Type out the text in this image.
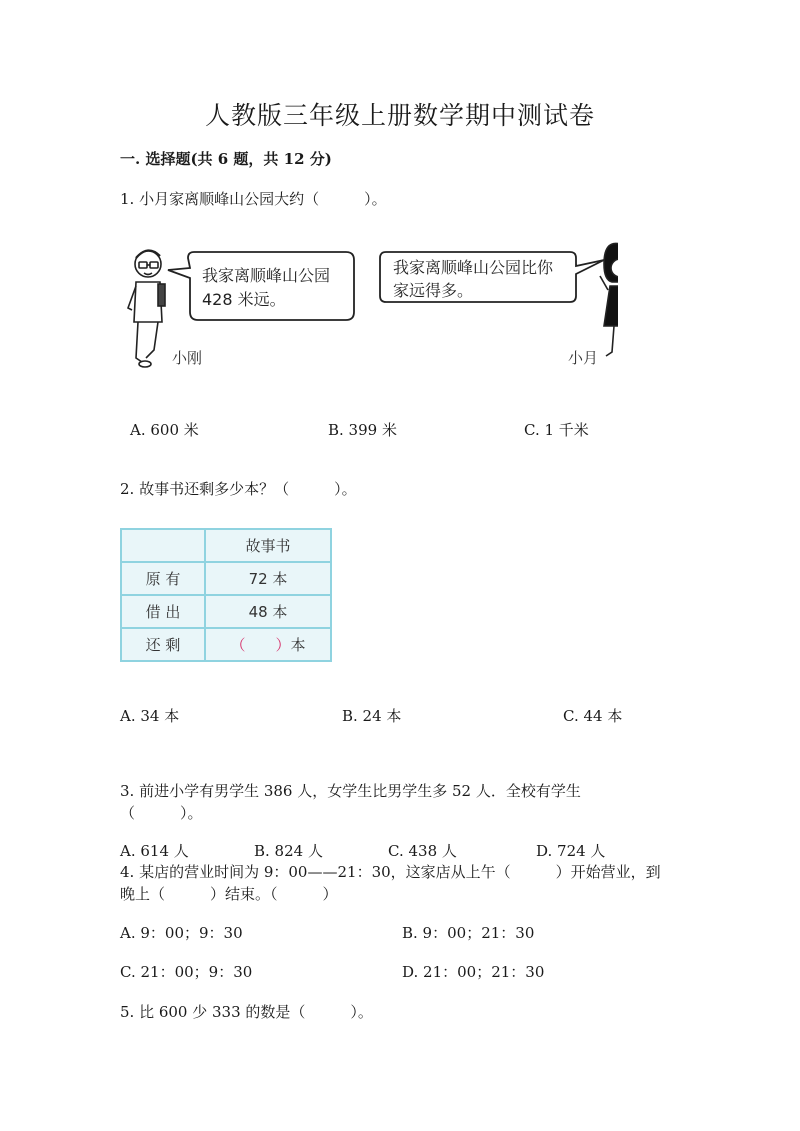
人教版三年级上册数学期中测试卷
一. 选择题(共 6 题，共 12 分)
1. 小月家离顺峰山公园大约（　　　）。
我家离顺峰山公园
428 米远。
我家离顺峰山公园比你
家远得多。
小刚	小月
A. 600 米	B. 399 米	C. 1 千米
2. 故事书还剩多少本？（　　　）。
	故事书
原 有	72 本
借 出	48 本
还 剩	（　　）本
A. 34 本	B. 24 本	C. 44 本
3. 前进小学有男学生 386 人，女学生比男学生多 52 人．全校有学生
（　　　）。
A. 614 人	B. 824 人	C. 438 人	D. 724 人
4. 某店的营业时间为 9：00——21：30，这家店从上午（　　　）开始营业，到
晚上（　　　）结束。（　　　）
A. 9：00；9：30	B. 9：00；21：30
C. 21：00；9：30	D. 21：00；21：30
5. 比 600 少 333 的数是（　　　）。
